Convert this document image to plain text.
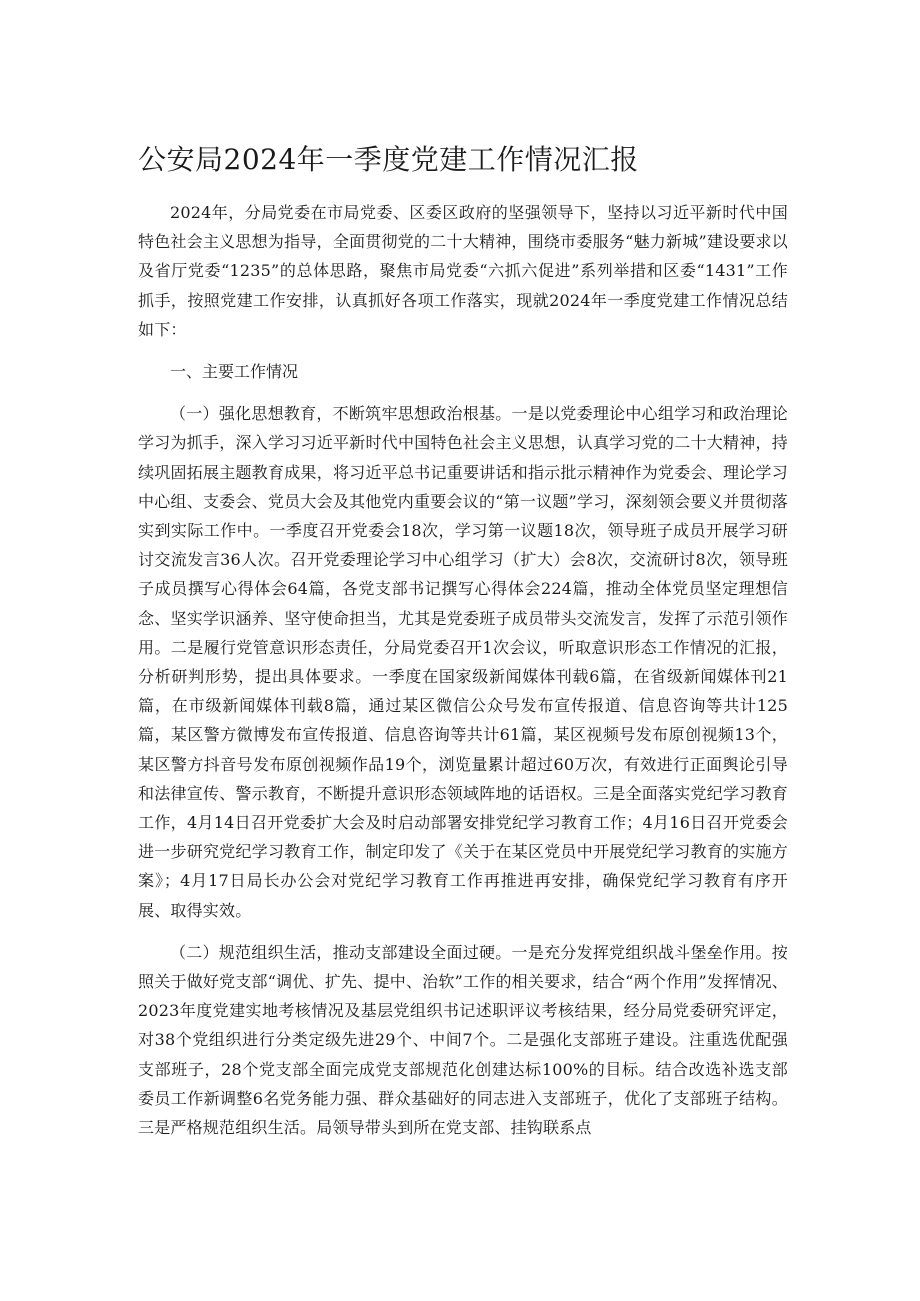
公安局2024年一季度党建工作情况汇报

2024年，分局党委在市局党委、区委区政府的坚强领导下，坚持以习近平新时代中国特色社会主义思想为指导，全面贯彻党的二十大精神，围绕市委服务“魅力新城”建设要求以及省厅党委“1235”的总体思路，聚焦市局党委“六抓六促进”系列举措和区委“1431”工作抓手，按照党建工作安排，认真抓好各项工作落实，现就2024年一季度党建工作情况总结如下：

一、主要工作情况

（一）强化思想教育，不断筑牢思想政治根基。一是以党委理论中心组学习和政治理论学习为抓手，深入学习习近平新时代中国特色社会主义思想，认真学习党的二十大精神，持续巩固拓展主题教育成果，将习近平总书记重要讲话和指示批示精神作为党委会、理论学习中心组、支委会、党员大会及其他党内重要会议的“第一议题”学习，深刻领会要义并贯彻落实到实际工作中。一季度召开党委会18次，学习第一议题18次，领导班子成员开展学习研讨交流发言36人次。召开党委理论学习中心组学习（扩大）会8次，交流研讨8次，领导班子成员撰写心得体会64篇，各党支部书记撰写心得体会224篇，推动全体党员坚定理想信念、坚实学识涵养、坚守使命担当，尤其是党委班子成员带头交流发言，发挥了示范引领作用。二是履行党管意识形态责任，分局党委召开1次会议，听取意识形态工作情况的汇报，分析研判形势，提出具体要求。一季度在国家级新闻媒体刊载6篇，在省级新闻媒体刊21篇，在市级新闻媒体刊载8篇，通过某区微信公众号发布宣传报道、信息咨询等共计125篇，某区警方微博发布宣传报道、信息咨询等共计61篇，某区视频号发布原创视频13个，某区警方抖音号发布原创视频作品19个，浏览量累计超过60万次，有效进行正面舆论引导和法律宣传、警示教育，不断提升意识形态领域阵地的话语权。三是全面落实党纪学习教育工作，4月14日召开党委扩大会及时启动部署安排党纪学习教育工作；4月16日召开党委会进一步研究党纪学习教育工作，制定印发了《关于在某区党员中开展党纪学习教育的实施方案》；4月17日局长办公会对党纪学习教育工作再推进再安排，确保党纪学习教育有序开展、取得实效。

（二）规范组织生活，推动支部建设全面过硬。一是充分发挥党组织战斗堡垒作用。按照关于做好党支部“调优、扩先、提中、治软”工作的相关要求，结合“两个作用”发挥情况、2023年度党建实地考核情况及基层党组织书记述职评议考核结果，经分局党委研究评定，对38个党组织进行分类定级先进29个、中间7个。二是强化支部班子建设。注重选优配强支部班子，28个党支部全面完成党支部规范化创建达标100%的目标。结合改选补选支部委员工作新调整6名党务能力强、群众基础好的同志进入支部班子，优化了支部班子结构。三是严格规范组织生活。局领导带头到所在党支部、挂钩联系点
